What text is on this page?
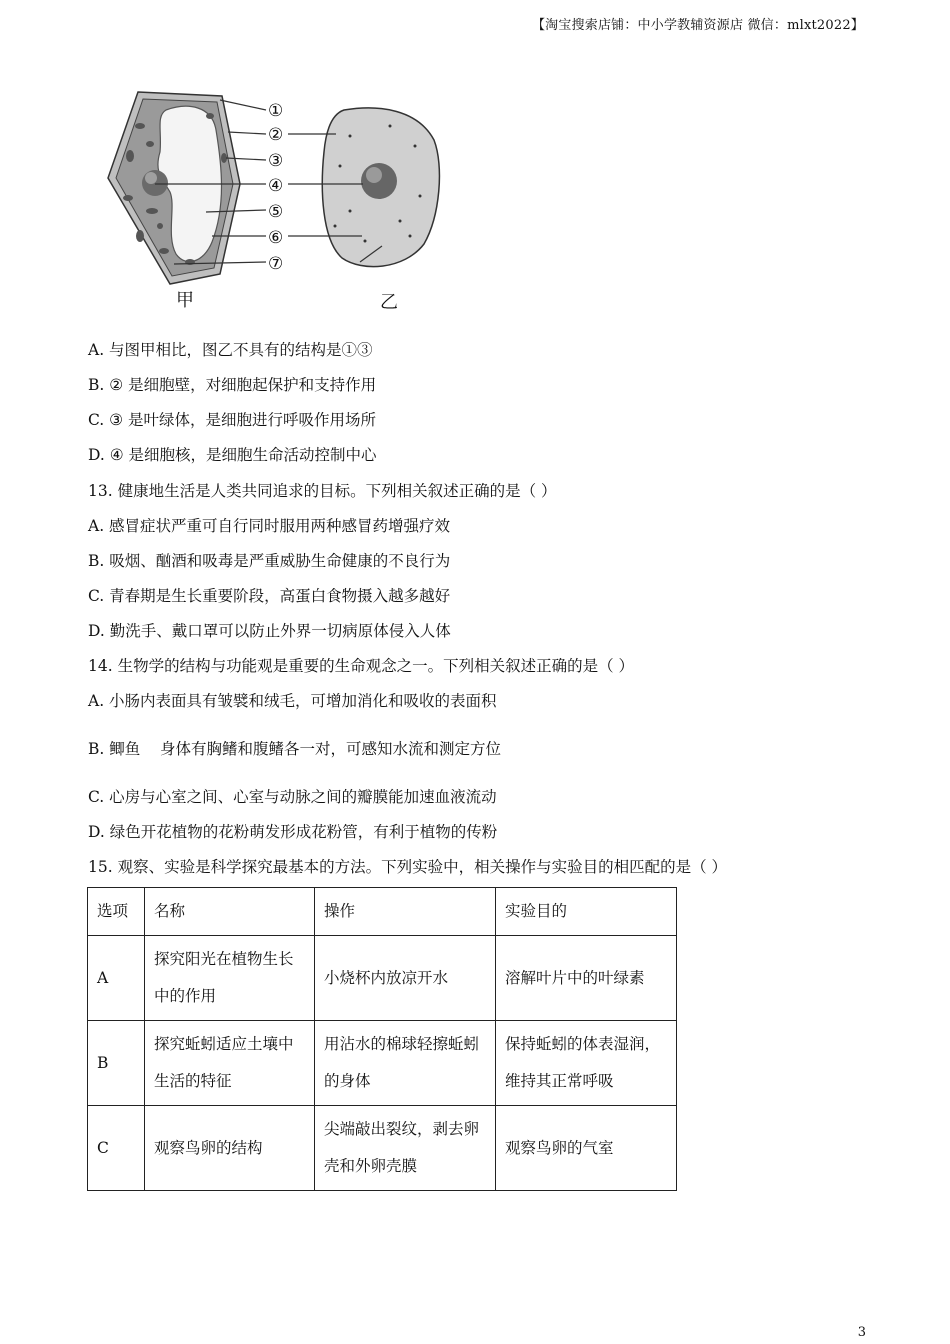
【淘宝搜索店铺：中小学教辅资源店 微信：mlxt2022】
①
②
③
④
⑤
⑥
⑦
甲	乙
A. 与图甲相比，图乙不具有的结构是①③
B. ② 是细胞壁，对细胞起保护和支持作用
C. ③ 是叶绿体，是细胞进行呼吸作用场所
D. ④ 是细胞核，是细胞生命活动控制中心
13. 健康地生活是人类共同追求的目标。下列相关叙述正确的是（ ）
A. 感冒症状严重可自行同时服用两种感冒药增强疗效
B. 吸烟、酗酒和吸毒是严重威胁生命健康的不良行为
C. 青春期是生长重要阶段，高蛋白食物摄入越多越好
D. 勤洗手、戴口罩可以防止外界一切病原体侵入人体
14. 生物学的结构与功能观是重要的生命观念之一。下列相关叙述正确的是（ ）
A. 小肠内表面具有皱襞和绒毛，可增加消化和吸收的表面积
B. 鲫鱼    身体有胸鳍和腹鳍各一对，可感知水流和测定方位
C. 心房与心室之间、心室与动脉之间的瓣膜能加速血液流动
D. 绿色开花植物的花粉萌发形成花粉管，有利于植物的传粉
15. 观察、实验是科学探究最基本的方法。下列实验中，相关操作与实验目的相匹配的是（ ）
选项	名称	操作	实验目的
A	探究阳光在植物生长中的作用	小烧杯内放凉开水	溶解叶片中的叶绿素
B	探究蚯蚓适应土壤中生活的特征	用沾水的棉球轻擦蚯蚓的身体	保持蚯蚓的体表湿润，维持其正常呼吸
C	观察鸟卵的结构	尖端敲出裂纹，剥去卵壳和外卵壳膜	观察鸟卵的气室
3
